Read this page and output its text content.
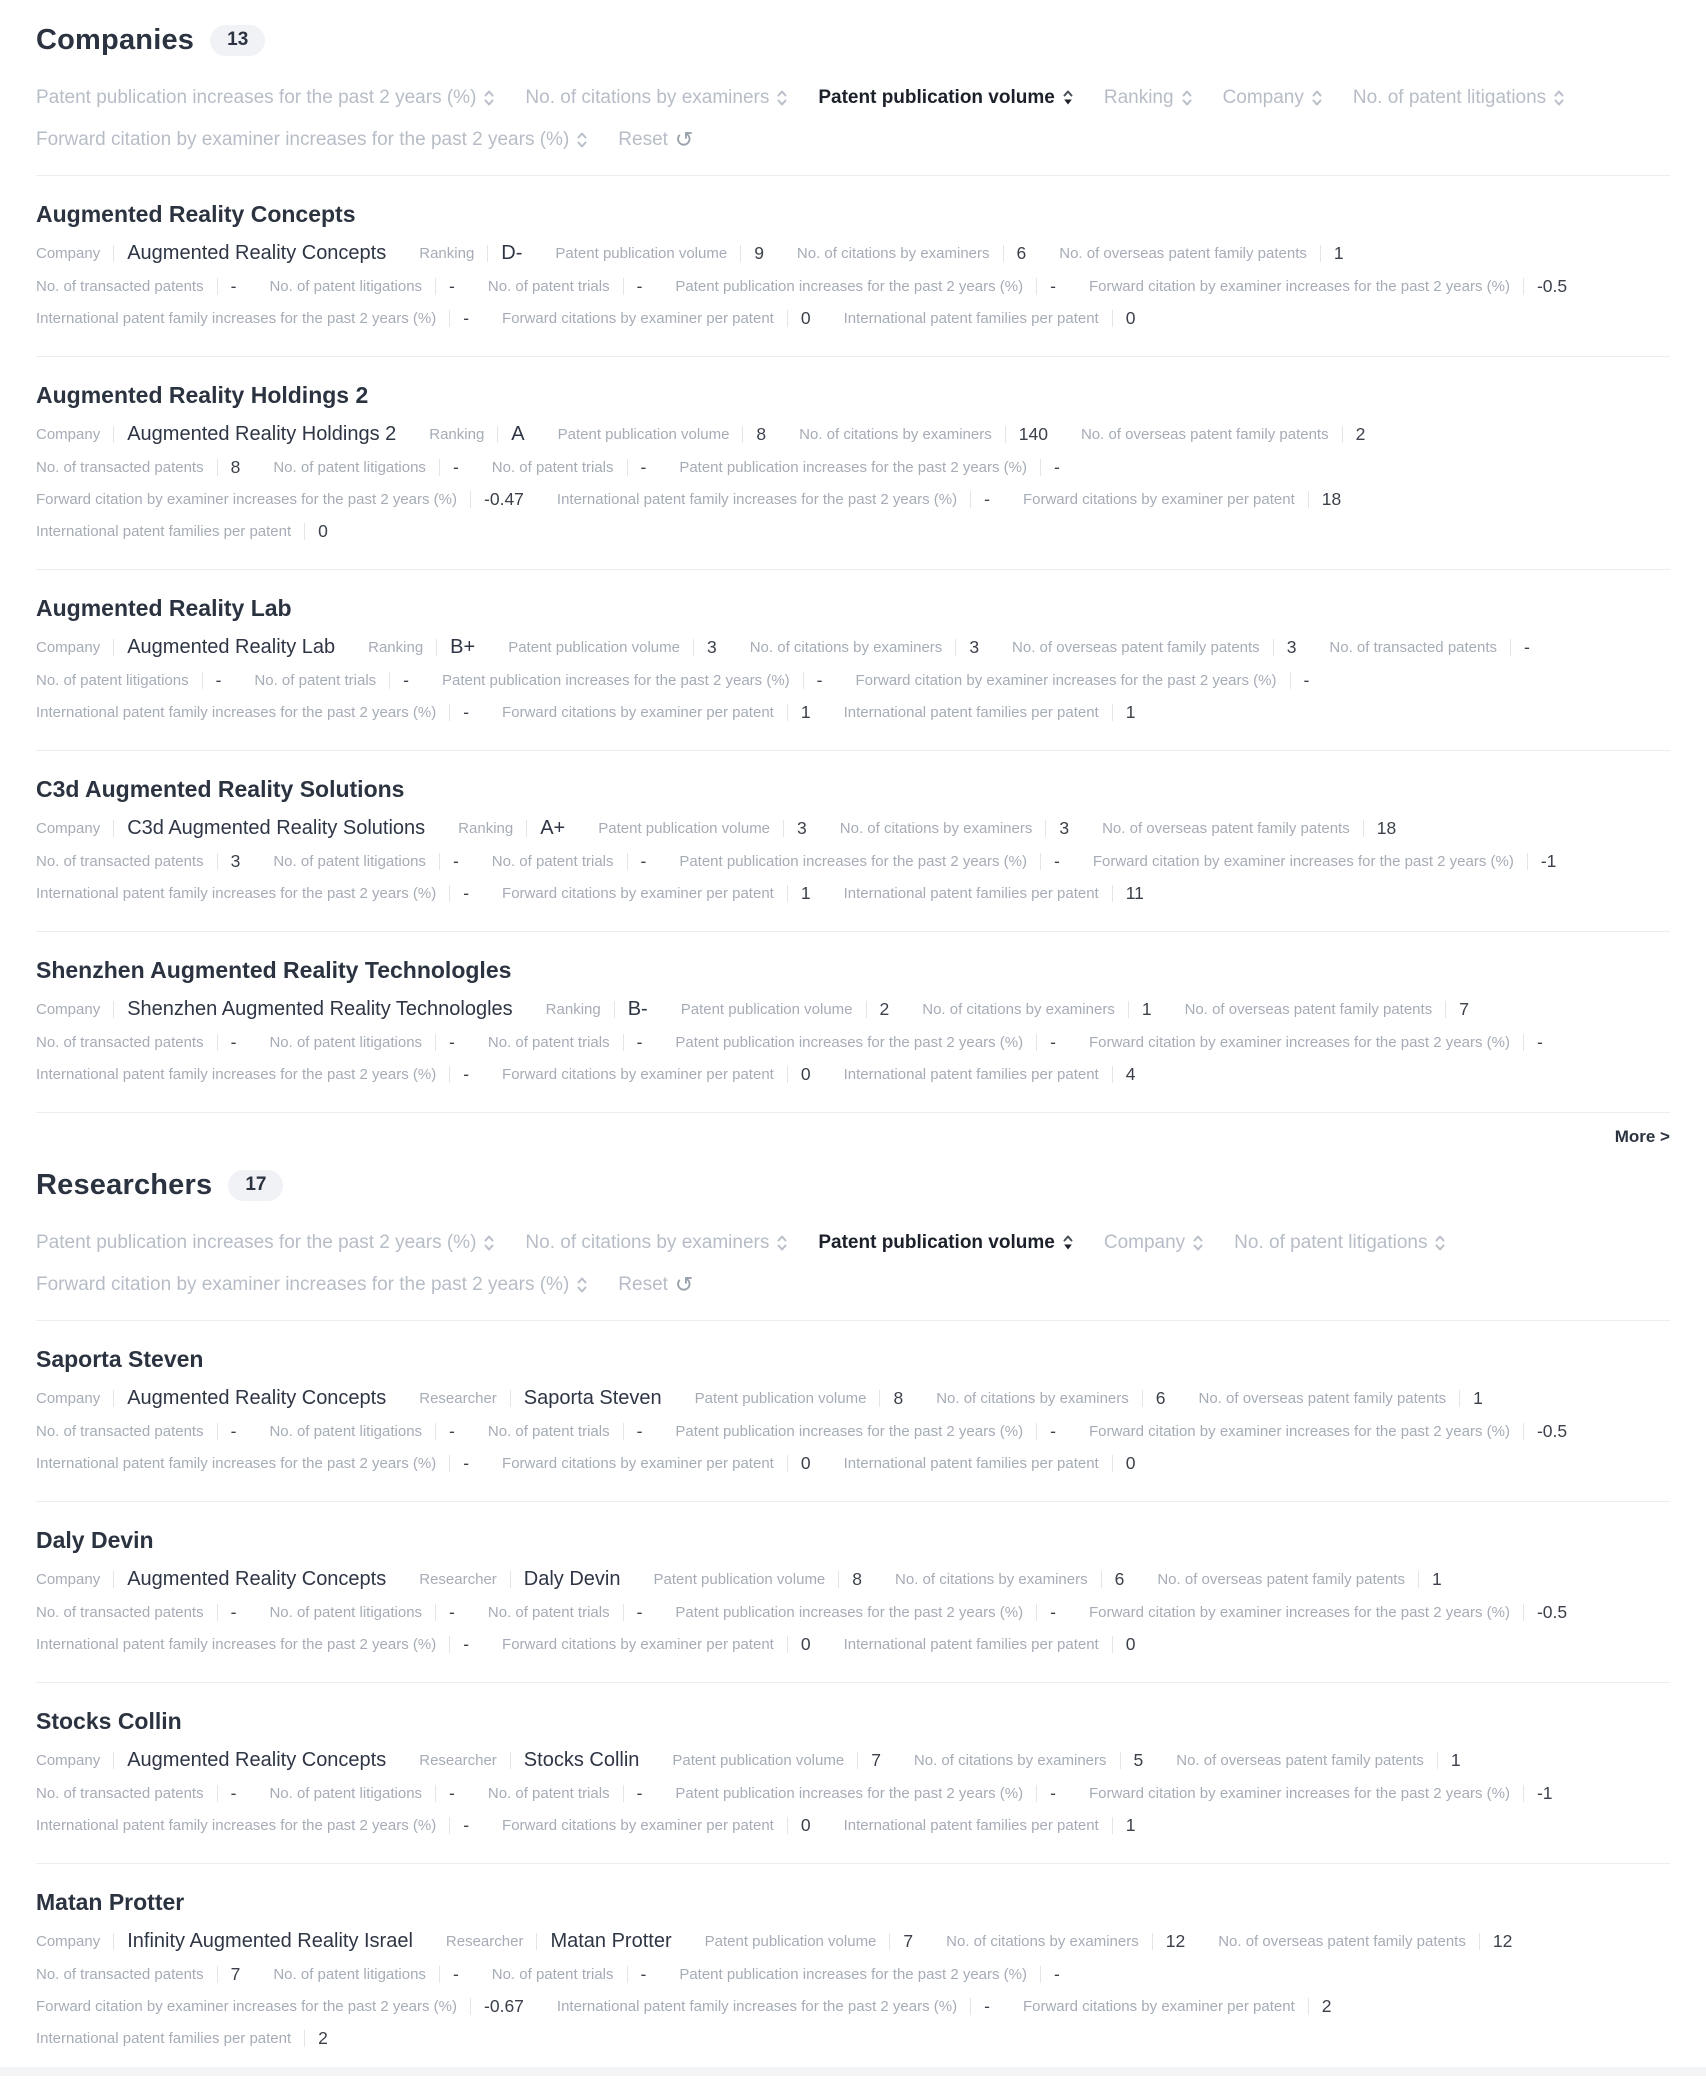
Companies	13
Patent publication increases for the past 2 years (%)	No. of citations by examiners	Patent publication volume	Ranking	Company	No. of patent litigations
Forward citation by examiner increases for the past 2 years (%)	Reset ↺
Augmented Reality Concepts
Company Augmented Reality Concepts Ranking D- Patent publication volume 9 No. of citations by examiners 6 No. of overseas patent family patents 1
No. of transacted patents - No. of patent litigations - No. of patent trials - Patent publication increases for the past 2 years (%) - Forward citation by examiner increases for the past 2 years (%) -0.5
International patent family increases for the past 2 years (%) - Forward citations by examiner per patent 0 International patent families per patent 0
Augmented Reality Holdings 2
Company Augmented Reality Holdings 2 Ranking A Patent publication volume 8 No. of citations by examiners 140 No. of overseas patent family patents 2
No. of transacted patents 8 No. of patent litigations - No. of patent trials - Patent publication increases for the past 2 years (%) -
Forward citation by examiner increases for the past 2 years (%) -0.47 International patent family increases for the past 2 years (%) - Forward citations by examiner per patent 18
International patent families per patent 0
Augmented Reality Lab
Company Augmented Reality Lab Ranking B+ Patent publication volume 3 No. of citations by examiners 3 No. of overseas patent family patents 3 No. of transacted patents -
No. of patent litigations - No. of patent trials - Patent publication increases for the past 2 years (%) - Forward citation by examiner increases for the past 2 years (%) -
International patent family increases for the past 2 years (%) - Forward citations by examiner per patent 1 International patent families per patent 1
C3d Augmented Reality Solutions
Company C3d Augmented Reality Solutions Ranking A+ Patent publication volume 3 No. of citations by examiners 3 No. of overseas patent family patents 18
No. of transacted patents 3 No. of patent litigations - No. of patent trials - Patent publication increases for the past 2 years (%) - Forward citation by examiner increases for the past 2 years (%) -1
International patent family increases for the past 2 years (%) - Forward citations by examiner per patent 1 International patent families per patent 11
Shenzhen Augmented Reality Technologles
Company Shenzhen Augmented Reality Technologles Ranking B- Patent publication volume 2 No. of citations by examiners 1 No. of overseas patent family patents 7
No. of transacted patents - No. of patent litigations - No. of patent trials - Patent publication increases for the past 2 years (%) - Forward citation by examiner increases for the past 2 years (%) -
International patent family increases for the past 2 years (%) - Forward citations by examiner per patent 0 International patent families per patent 4
More >
Researchers	17
Patent publication increases for the past 2 years (%)	No. of citations by examiners	Patent publication volume	Company	No. of patent litigations
Forward citation by examiner increases for the past 2 years (%)	Reset ↺
Saporta Steven
Company Augmented Reality Concepts Researcher Saporta Steven Patent publication volume 8 No. of citations by examiners 6 No. of overseas patent family patents 1
No. of transacted patents - No. of patent litigations - No. of patent trials - Patent publication increases for the past 2 years (%) - Forward citation by examiner increases for the past 2 years (%) -0.5
International patent family increases for the past 2 years (%) - Forward citations by examiner per patent 0 International patent families per patent 0
Daly Devin
Company Augmented Reality Concepts Researcher Daly Devin Patent publication volume 8 No. of citations by examiners 6 No. of overseas patent family patents 1
No. of transacted patents - No. of patent litigations - No. of patent trials - Patent publication increases for the past 2 years (%) - Forward citation by examiner increases for the past 2 years (%) -0.5
International patent family increases for the past 2 years (%) - Forward citations by examiner per patent 0 International patent families per patent 0
Stocks Collin
Company Augmented Reality Concepts Researcher Stocks Collin Patent publication volume 7 No. of citations by examiners 5 No. of overseas patent family patents 1
No. of transacted patents - No. of patent litigations - No. of patent trials - Patent publication increases for the past 2 years (%) - Forward citation by examiner increases for the past 2 years (%) -1
International patent family increases for the past 2 years (%) - Forward citations by examiner per patent 0 International patent families per patent 1
Matan Protter
Company Infinity Augmented Reality Israel Researcher Matan Protter Patent publication volume 7 No. of citations by examiners 12 No. of overseas patent family patents 12
No. of transacted patents 7 No. of patent litigations - No. of patent trials - Patent publication increases for the past 2 years (%) -
Forward citation by examiner increases for the past 2 years (%) -0.67 International patent family increases for the past 2 years (%) - Forward citations by examiner per patent 2
International patent families per patent 2
